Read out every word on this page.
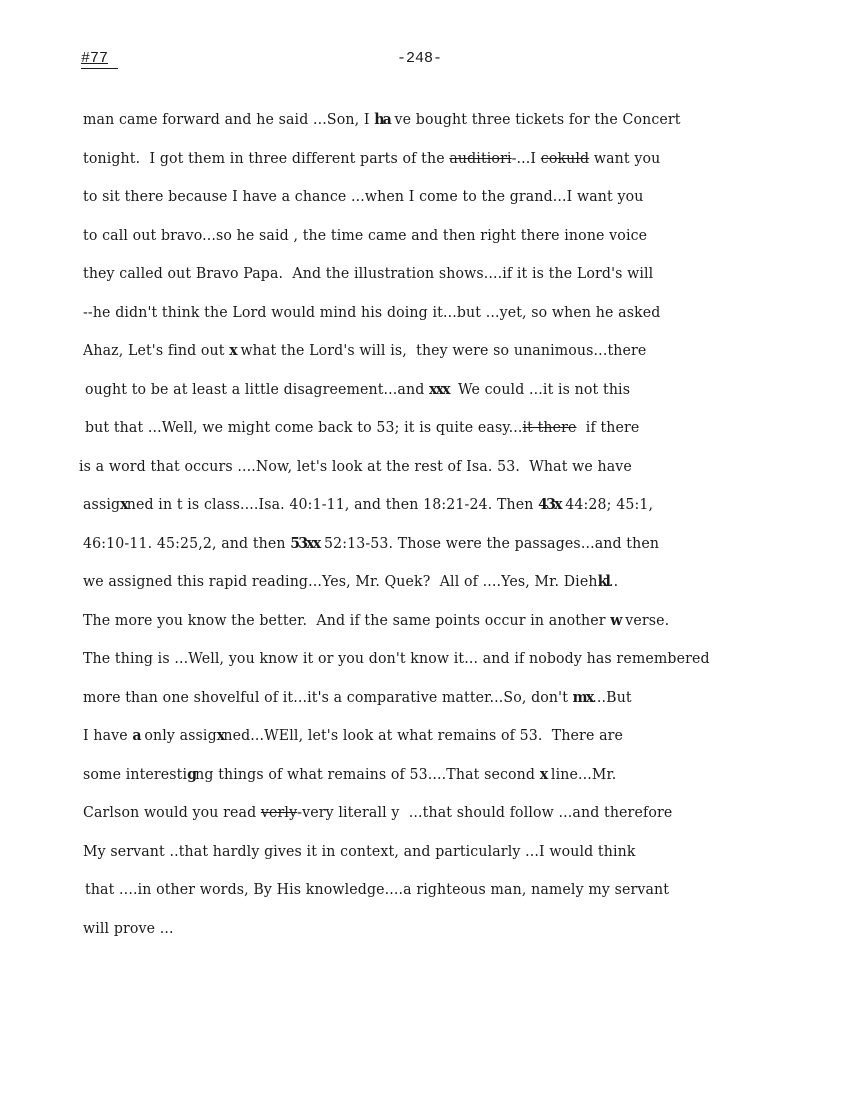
#77	-248-
man came forward and he said ...Son, I ha ve bought three tickets for the Concert
tonight.  I got them in three different parts of the auditiori-...I cokuld want you
to sit there because I have a chance ...when I come to the grand...I want you
to call out bravo...so he said , the time came and then right there inone voice
they called out Bravo Papa.  And the illustration shows....if it is the Lord's will
--he didn't think the Lord would mind his doing it...but ...yet, so when he asked
Ahaz, Let's find out x what the Lord's will is,  they were so unanimous...there
ought to be at least a little disagreement...and xxx  We could ...it is not this
but that ...Well, we might come back to 53; it is quite easy...it there  if there
is a word that occurs ....Now, let's look at the rest of Isa. 53.  What we have
assigxned in t is class....Isa. 40:1-11, and then 18:21-24. Then 43x 44:28; 45:1,
46:10-11. 45:25,2, and then 53xx 52:13-53. Those were the passages...and then
we assigned this rapid reading...Yes, Mr. Quek?  All of ....Yes, Mr. Diehkl..
The more you know the better.  And if the same points occur in another w verse.
The thing is ...Well, you know it or you don't know it... and if nobody has remembered
more than one shovelful of it...it's a comparative matter...So, don't mx...But
I have a only assigxned...WEll, let's look at what remains of 53.  There are
some interestigng things of what remains of 53....That second x line...Mr.
Carlson would you read verly-very literall y  ...that should follow ...and therefore
My servant ..that hardly gives it in context, and particularly ...I would think
that ....in other words, By His knowledge....a righteous man, namely my servant
will prove ...
